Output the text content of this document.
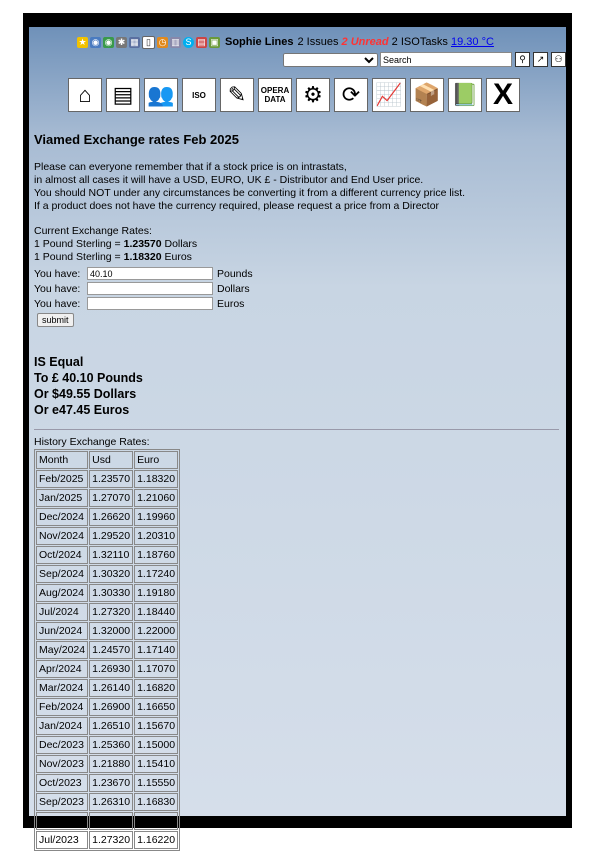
★ ◉ ◉ ✱ ▦ ▯ ◷ ▥ S ▤ ▣ Sophie Lines 2
Issues
2
Unread
2
ISO Tasks
19.30 °C
Search
⚲	↗	⚇
⌂ ▤ 👥 ISO ✎ OPERA DATA ⚙ ⟳ 📈 📦 📗 X
Viamed Exchange rates Feb 2025
Please can everyone remember that if a stock price is on intrastats,
in almost all cases it will have a USD, EURO, UK £ - Distributor and End User price.
You should NOT under any circumstances be converting it from a different currency price list.
If a product does not have the currency required, please request a price from a Director
Current Exchange Rates:
1 Pound Sterling = 1.23570 Dollars
1 Pound Sterling = 1.18320 Euros
You have:
40.10	Pounds
You have:	Dollars
You have:	Euros
submit
IS Equal
To £ 40.10 Pounds
Or $49.55 Dollars
Or e47.45 Euros
History Exchange Rates:
Month	Usd	Euro
Feb/2025	1.23570	1.18320
Jan/2025	1.27070	1.21060
Dec/2024	1.26620	1.19960
Nov/2024	1.29520	1.20310
Oct/2024	1.32110	1.18760
Sep/2024	1.30320	1.17240
Aug/2024	1.30330	1.19180
Jul/2024	1.27320	1.18440
Jun/2024	1.32000	1.22000
May/2024	1.24570	1.17140
Apr/2024	1.26930	1.17070
Mar/2024	1.26140	1.16820
Feb/2024	1.26900	1.16650
Jan/2024	1.26510	1.15670
Dec/2023	1.25360	1.15000
Nov/2023	1.21880	1.15410
Oct/2023	1.23670	1.15550
Sep/2023	1.26310	1.16830
Aug/2023	1.28860	1.15150
Jul/2023	1.27320	1.16220
